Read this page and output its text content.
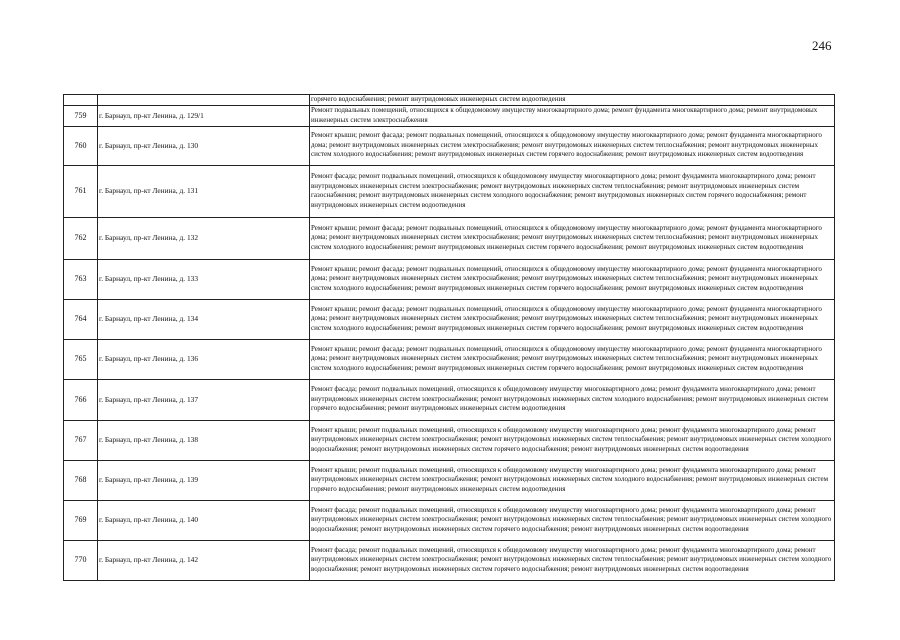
246
		горячего водоснабжения; ремонт внутридомовых инженерных систем водоотведения
759	г. Барнаул, пр-кт Ленина, д. 129/1	Ремонт подвальных помещений, относящихся к общедомовому имуществу многоквартирного дома; ремонт фундамента многоквартирного дома; ремонт внутридомовых инженерных систем электроснабжения
760	г. Барнаул, пр-кт Ленина, д. 130	Ремонт крыши; ремонт фасада; ремонт подвальных помещений, относящихся к общедомовому имуществу многоквартирного дома; ремонт фундамента многоквартирного дома; ремонт внутридомовых инженерных систем электроснабжения; ремонт внутридомовых инженерных систем теплоснабжения; ремонт внутридомовых инженерных систем холодного водоснабжения; ремонт внутридомовых инженерных систем горячего водоснабжения; ремонт внутридомовых инженерных систем водоотведения
761	г. Барнаул, пр-кт Ленина, д. 131	Ремонт фасада; ремонт подвальных помещений, относящихся к общедомовому имуществу многоквартирного дома; ремонт фундамента многоквартирного дома; ремонт внутридомовых инженерных систем электроснабжения; ремонт внутридомовых инженерных систем теплоснабжения; ремонт внутридомовых инженерных систем газоснабжения; ремонт внутридомовых инженерных систем холодного водоснабжения; ремонт внутридомовых инженерных систем горячего водоснабжения; ремонт внутридомовых инженерных систем водоотведения
762	г. Барнаул, пр-кт Ленина, д. 132	Ремонт крыши; ремонт фасада; ремонт подвальных помещений, относящихся к общедомовому имуществу многоквартирного дома; ремонт фундамента многоквартирного дома; ремонт внутридомовых инженерных систем электроснабжения; ремонт внутридомовых инженерных систем теплоснабжения; ремонт внутридомовых инженерных систем холодного водоснабжения; ремонт внутридомовых инженерных систем горячего водоснабжения; ремонт внутридомовых инженерных систем водоотведения
763	г. Барнаул, пр-кт Ленина, д. 133	Ремонт крыши; ремонт фасада; ремонт подвальных помещений, относящихся к общедомовому имуществу многоквартирного дома; ремонт фундамента многоквартирного дома; ремонт внутридомовых инженерных систем электроснабжения; ремонт внутридомовых инженерных систем теплоснабжения; ремонт внутридомовых инженерных систем холодного водоснабжения; ремонт внутридомовых инженерных систем горячего водоснабжения; ремонт внутридомовых инженерных систем водоотведения
764	г. Барнаул, пр-кт Ленина, д. 134	Ремонт крыши; ремонт фасада; ремонт подвальных помещений, относящихся к общедомовому имуществу многоквартирного дома; ремонт фундамента многоквартирного дома; ремонт внутридомовых инженерных систем электроснабжения; ремонт внутридомовых инженерных систем теплоснабжения; ремонт внутридомовых инженерных систем холодного водоснабжения; ремонт внутридомовых инженерных систем горячего водоснабжения; ремонт внутридомовых инженерных систем водоотведения
765	г. Барнаул, пр-кт Ленина, д. 136	Ремонт крыши; ремонт фасада; ремонт подвальных помещений, относящихся к общедомовому имуществу многоквартирного дома; ремонт фундамента многоквартирного дома; ремонт внутридомовых инженерных систем электроснабжения; ремонт внутридомовых инженерных систем теплоснабжения; ремонт внутридомовых инженерных систем холодного водоснабжения; ремонт внутридомовых инженерных систем горячего водоснабжения; ремонт внутридомовых инженерных систем водоотведения
766	г. Барнаул, пр-кт Ленина, д. 137	Ремонт фасада; ремонт подвальных помещений, относящихся к общедомовому имуществу многоквартирного дома; ремонт фундамента многоквартирного дома; ремонт внутридомовых инженерных систем электроснабжения; ремонт внутридомовых инженерных систем холодного водоснабжения; ремонт внутридомовых инженерных систем горячего водоснабжения; ремонт внутридомовых инженерных систем водоотведения
767	г. Барнаул, пр-кт Ленина, д. 138	Ремонт крыши; ремонт подвальных помещений, относящихся к общедомовому имуществу многоквартирного дома; ремонт фундамента многоквартирного дома; ремонт внутридомовых инженерных систем электроснабжения; ремонт внутридомовых инженерных систем теплоснабжения; ремонт внутридомовых инженерных систем холодного водоснабжения; ремонт внутридомовых инженерных систем горячего водоснабжения; ремонт внутридомовых инженерных систем водоотведения
768	г. Барнаул, пр-кт Ленина, д. 139	Ремонт крыши; ремонт подвальных помещений, относящихся к общедомовому имуществу многоквартирного дома; ремонт фундамента многоквартирного дома; ремонт внутридомовых инженерных систем электроснабжения; ремонт внутридомовых инженерных систем холодного водоснабжения; ремонт внутридомовых инженерных систем горячего водоснабжения; ремонт внутридомовых инженерных систем водоотведения
769	г. Барнаул, пр-кт Ленина, д. 140	Ремонт фасада; ремонт подвальных помещений, относящихся к общедомовому имуществу многоквартирного дома; ремонт фундамента многоквартирного дома; ремонт внутридомовых инженерных систем электроснабжения; ремонт внутридомовых инженерных систем теплоснабжения; ремонт внутридомовых инженерных систем холодного водоснабжения; ремонт внутридомовых инженерных систем горячего водоснабжения; ремонт внутридомовых инженерных систем водоотведения
770	г. Барнаул, пр-кт Ленина, д. 142	Ремонт фасада; ремонт подвальных помещений, относящихся к общедомовому имуществу многоквартирного дома; ремонт фундамента многоквартирного дома; ремонт внутридомовых инженерных систем электроснабжения; ремонт внутридомовых инженерных систем теплоснабжения; ремонт внутридомовых инженерных систем холодного водоснабжения; ремонт внутридомовых инженерных систем горячего водоснабжения; ремонт внутридомовых инженерных систем водоотведения
